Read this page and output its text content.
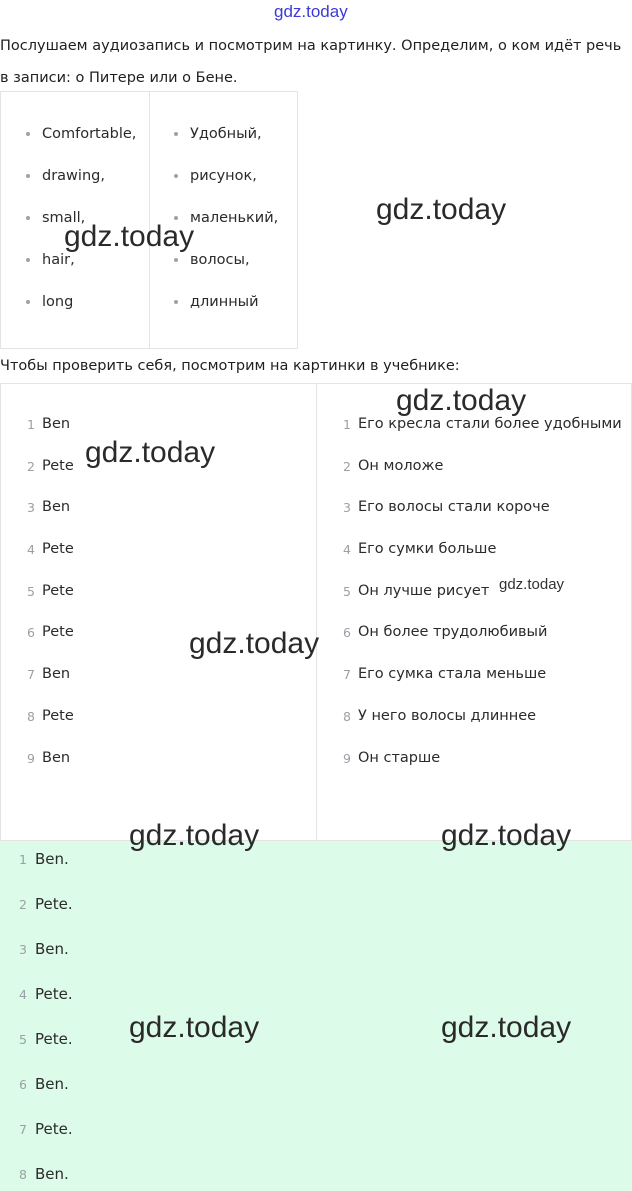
gdz.today
Послушаем аудиозапись и посмотрим на картинку. Определим, о ком идёт речь в записи: о Питере или о Бене.
Comfortable,
drawing,
small,
hair,
long
Удобный,
рисунок,
маленький,
волосы,
длинный
Чтобы проверить себя, посмотрим на картинки в учебнике:
1 Ben
2 Pete
3 Ben
4 Pete
5 Pete
6 Pete
7 Ben
8 Pete
9 Ben
1 Его кресла стали более удобными
2 Он моложе
3 Его волосы стали короче
4 Его сумки больше
5 Он лучше рисует
6 Он более трудолюбивый
7 Его сумка стала меньше
8 У него волосы длиннее
9 Он старше
1 Ben.
2 Pete.
3 Ben.
4 Pete.
5 Pete.
6 Ben.
7 Pete.
8 Ben.
gdz.today
gdz.today
gdz.today
gdz.today
gdz.today
gdz.today
gdz.today	gdz.today
gdz.today	gdz.today
